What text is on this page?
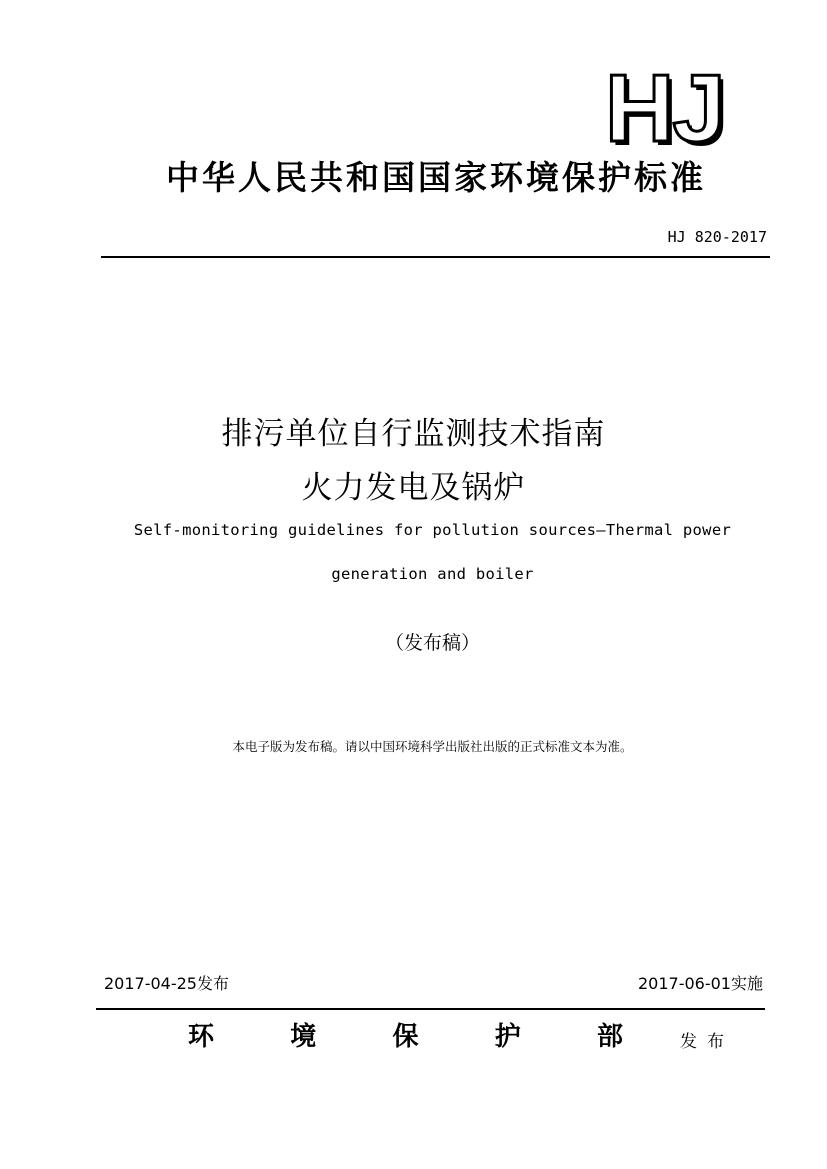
HJ
中华人民共和国国家环境保护标准
HJ 820-2017
排污单位自行监测技术指南
火力发电及锅炉
Self-monitoring guidelines for pollution sources—Thermal power
generation and boiler
（发布稿）
本电子版为发布稿。请以中国环境科学出版社出版的正式标准文本为准。
2017-04-25发布	2017-06-01实施
环	境	保	护	部	发布
